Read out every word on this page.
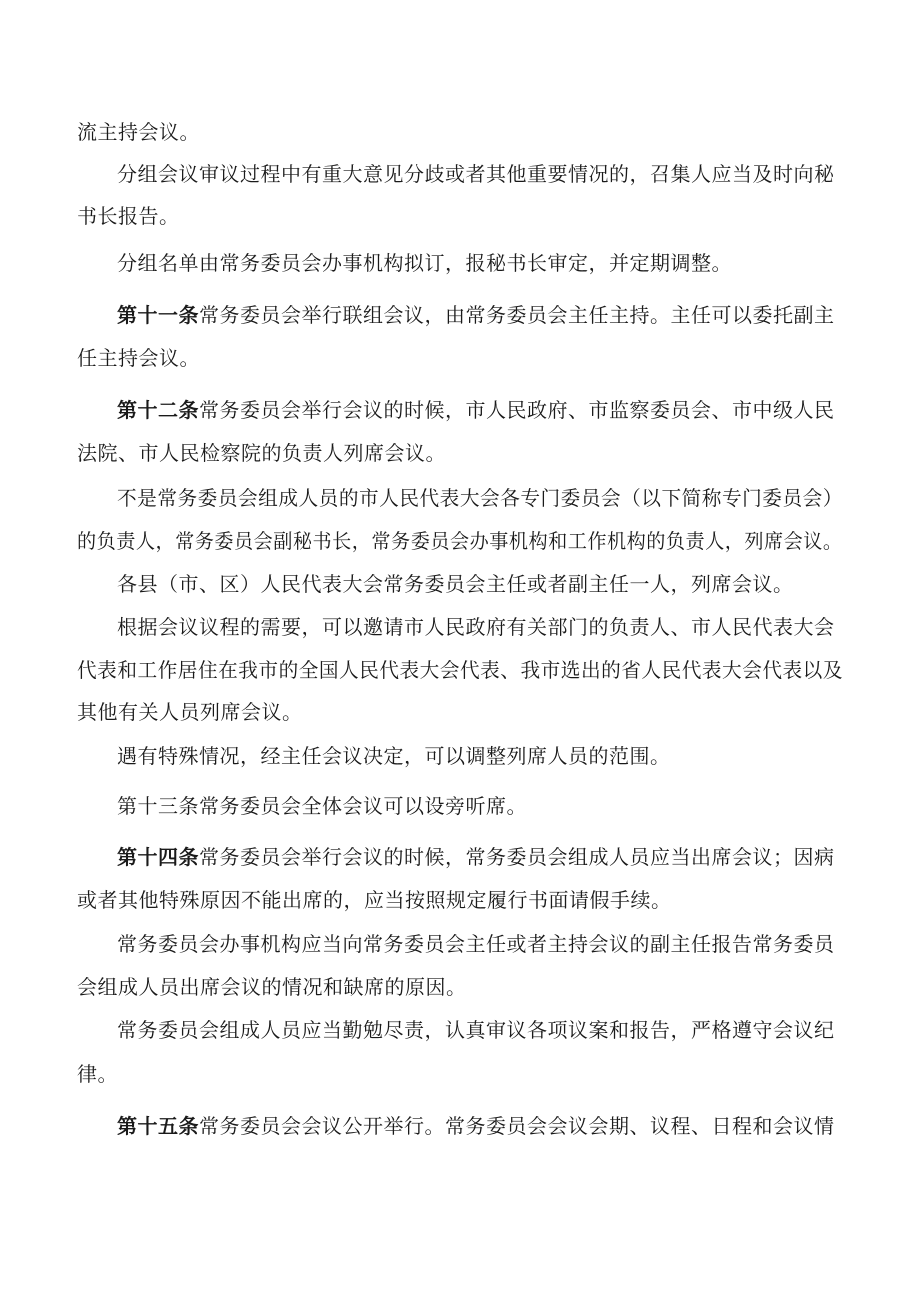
流主持会议。
分组会议审议过程中有重大意见分歧或者其他重要情况的，召集人应当及时向秘
书长报告。
分组名单由常务委员会办事机构拟订，报秘书长审定，并定期调整。
第十一条常务委员会举行联组会议，由常务委员会主任主持。主任可以委托副主
任主持会议。
第十二条常务委员会举行会议的时候，市人民政府、市监察委员会、市中级人民
法院、市人民检察院的负责人列席会议。
不是常务委员会组成人员的市人民代表大会各专门委员会（以下简称专门委员会）
的负责人，常务委员会副秘书长，常务委员会办事机构和工作机构的负责人，列席会议。
各县（市、区）人民代表大会常务委员会主任或者副主任一人，列席会议。
根据会议议程的需要，可以邀请市人民政府有关部门的负责人、市人民代表大会
代表和工作居住在我市的全国人民代表大会代表、我市选出的省人民代表大会代表以及
其他有关人员列席会议。
遇有特殊情况，经主任会议决定，可以调整列席人员的范围。
第十三条常务委员会全体会议可以设旁听席。
第十四条常务委员会举行会议的时候，常务委员会组成人员应当出席会议；因病
或者其他特殊原因不能出席的，应当按照规定履行书面请假手续。
常务委员会办事机构应当向常务委员会主任或者主持会议的副主任报告常务委员
会组成人员出席会议的情况和缺席的原因。
常务委员会组成人员应当勤勉尽责，认真审议各项议案和报告，严格遵守会议纪
律。
第十五条常务委员会会议公开举行。常务委员会会议会期、议程、日程和会议情
